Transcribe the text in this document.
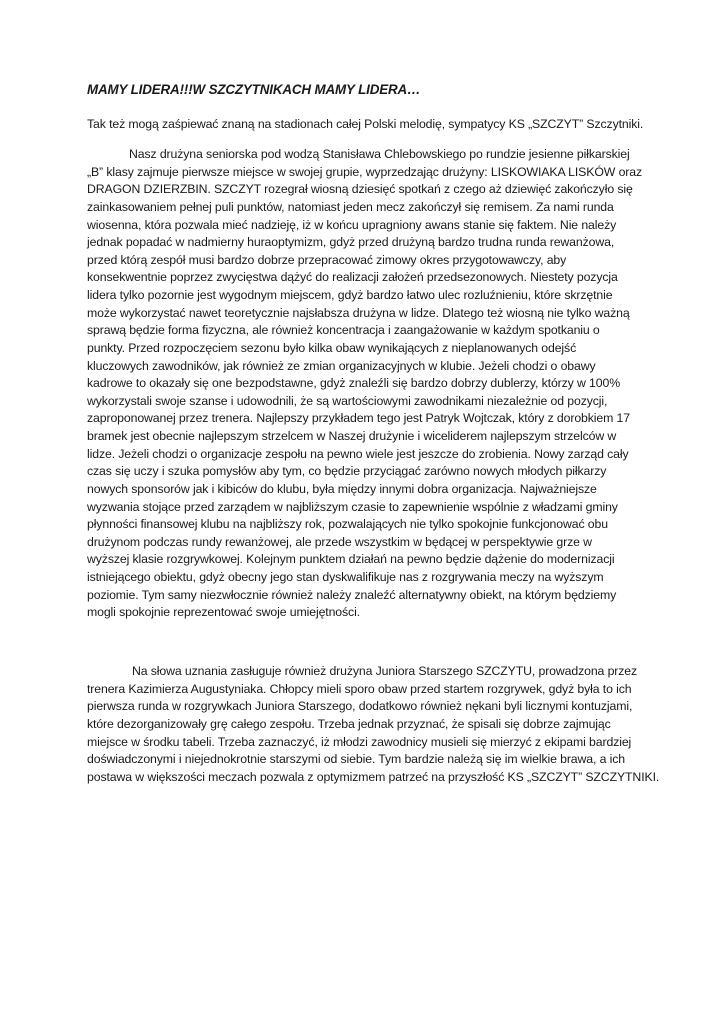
MAMY LIDERA!!!W SZCZYTNIKACH MAMY LIDERA…

Tak też mogą zaśpiewać znaną na stadionach całej Polski melodię, sympatycy KS „SZCZYT” Szczytniki.

Nasz drużyna seniorska pod wodzą Stanisława Chlebowskiego po rundzie jesienne piłkarskiej
„B” klasy zajmuje pierwsze miejsce w swojej grupie, wyprzedzając drużyny: LISKOWIAKA LISKÓW oraz
DRAGON DZIERZBIN. SZCZYT rozegrał wiosną dziesięć spotkań z czego aż dziewięć zakończyło się
zainkasowaniem pełnej puli punktów, natomiast jeden mecz zakończył się remisem. Za nami runda
wiosenna, która pozwala mieć nadzieję, iż w końcu upragniony awans stanie się faktem. Nie należy
jednak popadać w nadmierny huraoptymizm, gdyż przed drużyną bardzo trudna runda rewanżowa,
przed którą zespół musi bardzo dobrze przepracować zimowy okres przygotowawczy, aby
konsekwentnie poprzez zwycięstwa dążyć do realizacji założeń przedsezonowych. Niestety pozycja
lidera tylko pozornie jest wygodnym miejscem, gdyż bardzo łatwo ulec rozluźnieniu, które skrzętnie
może wykorzystać nawet teoretycznie najsłabsza drużyna w lidze. Dlatego też wiosną nie tylko ważną
sprawą będzie forma fizyczna, ale również koncentracja i zaangażowanie w każdym spotkaniu o
punkty. Przed rozpoczęciem sezonu było kilka obaw wynikających z nieplanowanych odejść
kluczowych zawodników, jak również ze zmian organizacyjnych w klubie. Jeżeli chodzi o obawy
kadrowe to okazały się one bezpodstawne, gdyż znaleźli się bardzo dobrzy dublerzy, którzy w 100%
wykorzystali swoje szanse i udowodnili, że są wartościowymi zawodnikami niezależnie od pozycji,
zaproponowanej przez trenera. Najlepszy przykładem tego jest Patryk Wojtczak, który z dorobkiem 17
bramek jest obecnie najlepszym strzelcem w Naszej drużynie i wiceliderem najlepszym strzelców w
lidze. Jeżeli chodzi o organizacje zespołu na pewno wiele jest jeszcze do zrobienia. Nowy zarząd cały
czas się uczy i szuka pomysłów aby tym, co będzie przyciągać zarówno nowych młodych piłkarzy
nowych sponsorów jak i kibiców do klubu, była między innymi dobra organizacja. Najważniejsze
wyzwania stojące przed zarządem w najbliższym czasie to zapewnienie wspólnie z władzami gminy
płynności finansowej klubu na najbliższy rok, pozwalających nie tylko spokojnie funkcjonować obu
drużynom podczas rundy rewanżowej, ale przede wszystkim w będącej w perspektywie grze w
wyższej klasie rozgrywkowej. Kolejnym punktem działań na pewno będzie dążenie do modernizacji
istniejącego obiektu, gdyż obecny jego stan dyskwalifikuje nas z rozgrywania meczy na wyższym
poziomie. Tym samy niezwłocznie również należy znaleźć alternatywny obiekt, na którym będziemy
mogli spokojnie reprezentować swoje umiejętności.
Na słowa uznania zasługuje również drużyna Juniora Starszego SZCZYTU, prowadzona przez
trenera Kazimierza Augustyniaka. Chłopcy mieli sporo obaw przed startem rozgrywek, gdyż była to ich
pierwsza runda w rozgrywkach Juniora Starszego, dodatkowo również nękani byli licznymi kontuzjami,
które dezorganizowały grę całego zespołu. Trzeba jednak przyznać, że spisali się dobrze zajmując
miejsce w środku tabeli. Trzeba zaznaczyć, iż młodzi zawodnicy musieli się mierzyć z ekipami bardziej
doświadczonymi i niejednokrotnie starszymi od siebie. Tym bardzie należą się im wielkie brawa, a ich
postawa w większości meczach pozwala z optymizmem patrzeć na przyszłość KS „SZCZYT” SZCZYTNIKI.
